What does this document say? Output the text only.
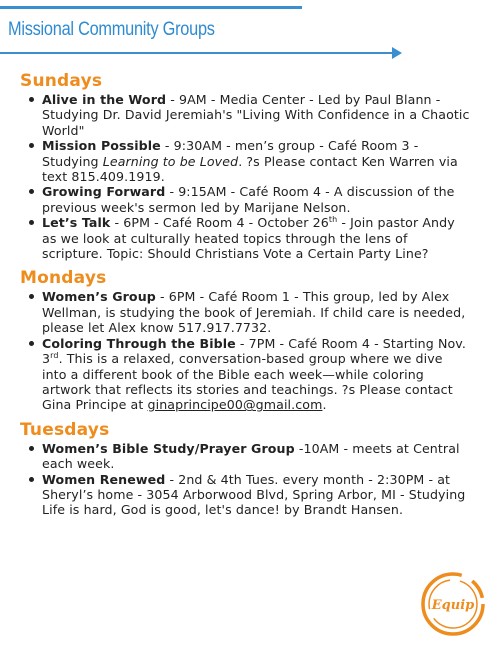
Missional Community Groups
Sundays
Alive in the Word - 9AM - Media Center - Led by Paul Blann - Studying Dr. David Jeremiah's "Living With Confidence in a Chaotic World"
Mission Possible - 9:30AM - men’s group - Café Room 3 - Studying Learning to be Loved. ?s Please contact Ken Warren via text 815.409.1919.
Growing Forward - 9:15AM - Café Room 4 - A discussion of the previous week's sermon led by Marijane Nelson.
Let’s Talk - 6PM - Café Room 4 - October 26th - Join pastor Andy as we look at culturally heated topics through the lens of scripture. Topic: Should Christians Vote a Certain Party Line?
Mondays
Women’s Group - 6PM - Café Room 1 - This group, led by Alex Wellman, is studying the book of Jeremiah. If child care is needed, please let Alex know 517.917.7732.
Coloring Through the Bible - 7PM - Café Room 4 - Starting Nov. 3rd. This is a relaxed, conversation-based group where we dive into a different book of the Bible each week—while coloring artwork that reflects its stories and teachings. ?s Please contact Gina Principe at ginaprincipe00@gmail.com.
Tuesdays
Women’s Bible Study/Prayer Group -10AM - meets at Central each week.
Women Renewed - 2nd & 4th Tues. every month - 2:30PM - at Sheryl’s home - 3054 Arborwood Blvd, Spring Arbor, MI - Studying Life is hard, God is good, let's dance! by Brandt Hansen.
Equip
